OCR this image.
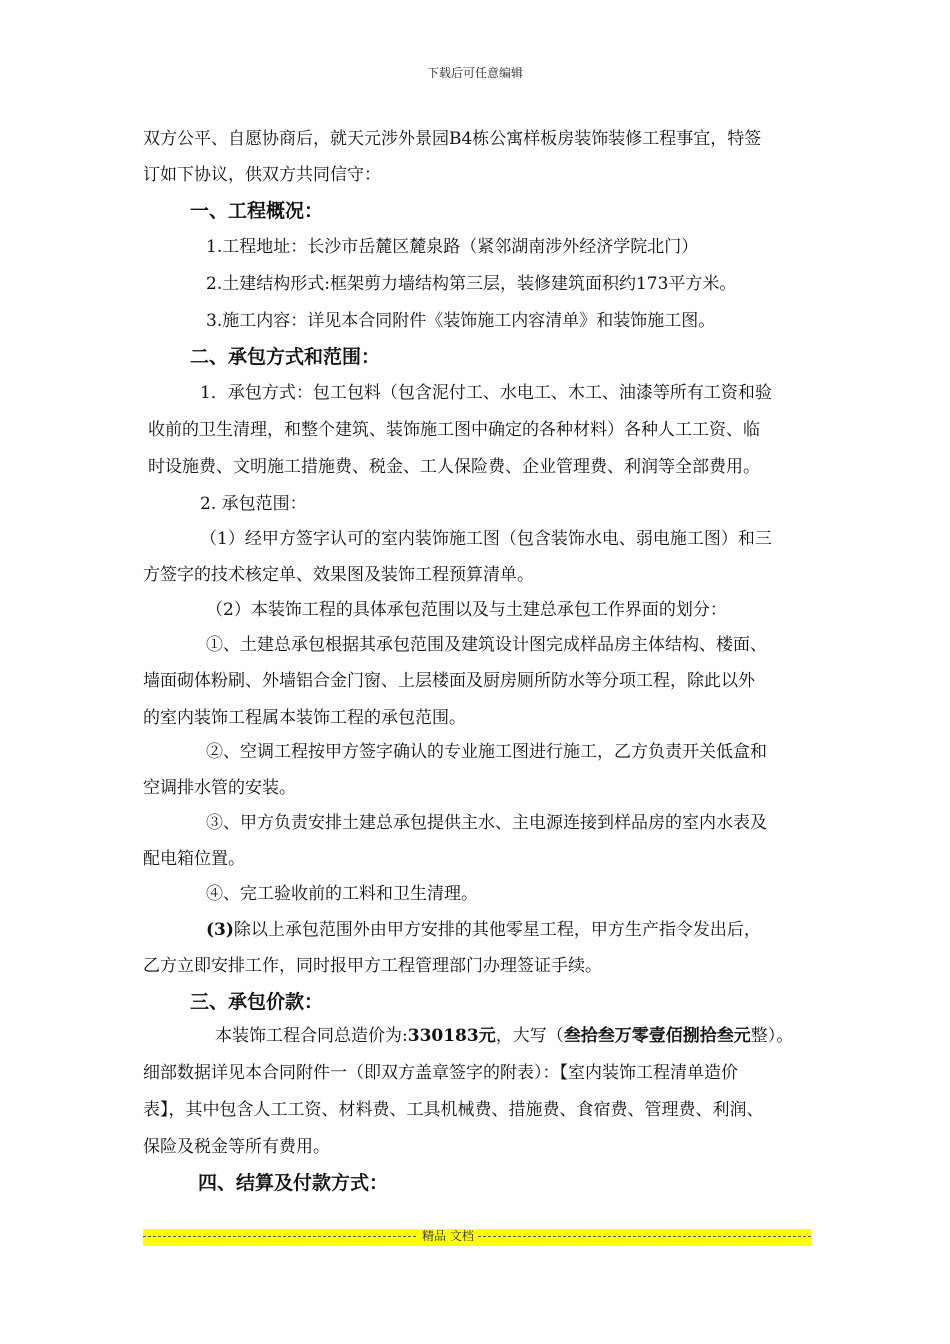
下载后可任意编辑
双方公平、自愿协商后，就天元涉外景园B4栋公寓样板房装饰装修工程事宜，特签
订如下协议，供双方共同信守：
一、工程概况：
1.工程地址：长沙市岳麓区麓泉路（紧邻湖南涉外经济学院北门）
2.土建结构形式:框架剪力墙结构第三层，装修建筑面积约173平方米。
3.施工内容：详见本合同附件《装饰施工内容清单》和装饰施工图。
二、承包方式和范围：
1．承包方式：包工包料（包含泥付工、水电工、木工、油漆等所有工资和验
收前的卫生清理，和整个建筑、装饰施工图中确定的各种材料）各种人工工资、临
时设施费、文明施工措施费、税金、工人保险费、企业管理费、利润等全部费用。
2. 承包范围：
（1）经甲方签字认可的室内装饰施工图（包含装饰水电、弱电施工图）和三
方签字的技术核定单、效果图及装饰工程预算清单。
（2）本装饰工程的具体承包范围以及与土建总承包工作界面的划分：
①、土建总承包根据其承包范围及建筑设计图完成样品房主体结构、楼面、
墙面砌体粉刷、外墙铝合金门窗、上层楼面及厨房厕所防水等分项工程，除此以外
的室内装饰工程属本装饰工程的承包范围。
②、空调工程按甲方签字确认的专业施工图进行施工，乙方负责开关低盒和
空调排水管的安装。
③、甲方负责安排土建总承包提供主水、主电源连接到样品房的室内水表及
配电箱位置。
④、完工验收前的工料和卫生清理。
(3)除以上承包范围外由甲方安排的其他零星工程，甲方生产指令发出后，
乙方立即安排工作，同时报甲方工程管理部门办理签证手续。
三、承包价款：
本装饰工程合同总造价为:330183元，大写（叁拾叁万零壹佰捌拾叁元整）。
细部数据详见本合同附件一（即双方盖章签字的附表）：【室内装饰工程清单造价
表】，其中包含人工工资、材料费、工具机械费、措施费、食宿费、管理费、利润、
保险及税金等所有费用。
四、结算及付款方式：
精品 文档
